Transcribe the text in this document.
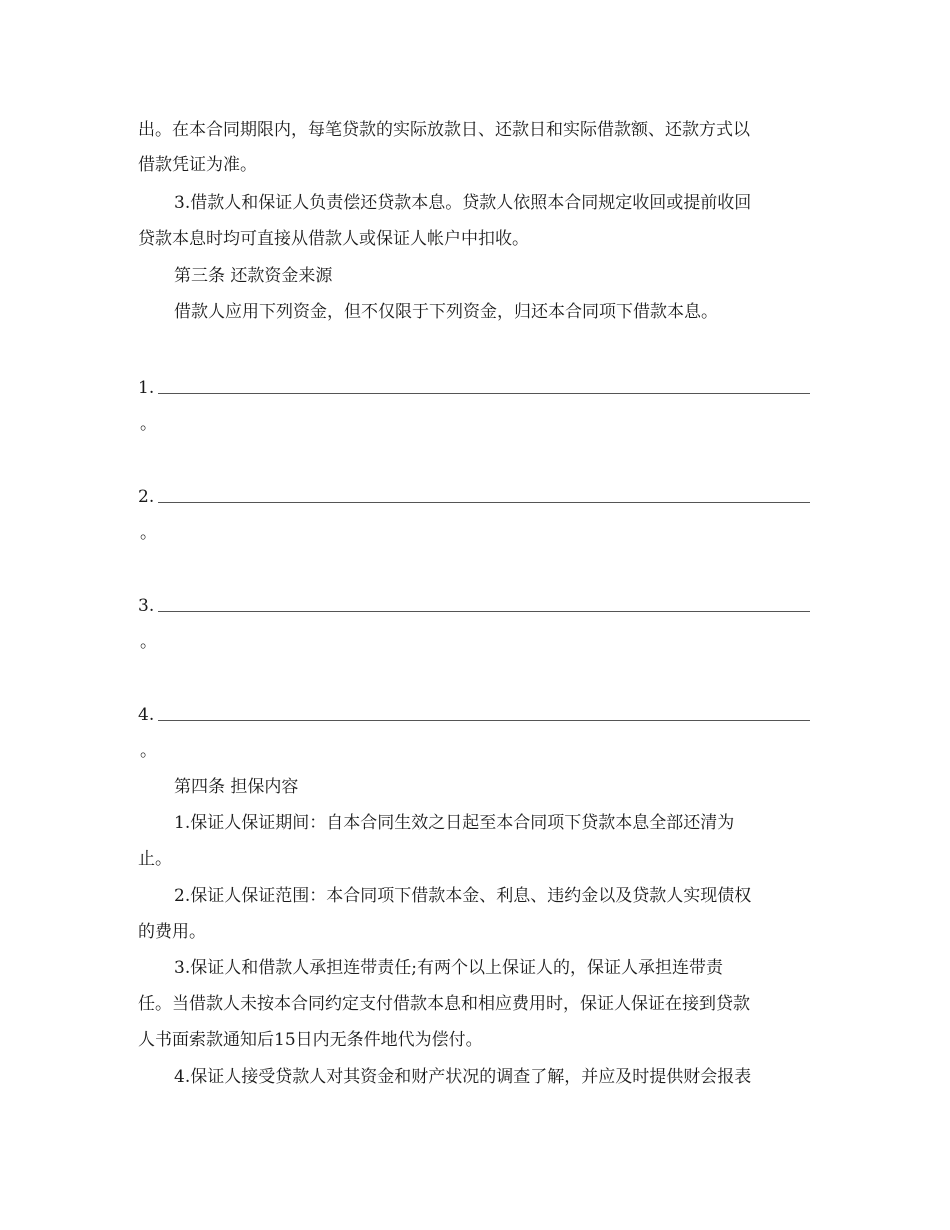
出。在本合同期限内，每笔贷款的实际放款日、还款日和实际借款额、还款方式以
借款凭证为准。
3.借款人和保证人负责偿还贷款本息。贷款人依照本合同规定收回或提前收回
贷款本息时均可直接从借款人或保证人帐户中扣收。
第三条 还款资金来源
借款人应用下列资金，但不仅限于下列资金，归还本合同项下借款本息。
1.
。
2.
。
3.
。
4.
。
第四条 担保内容
1.保证人保证期间：自本合同生效之日起至本合同项下贷款本息全部还清为
止。
2.保证人保证范围：本合同项下借款本金、利息、违约金以及贷款人实现债权
的费用。
3.保证人和借款人承担连带责任;有两个以上保证人的，保证人承担连带责
任。当借款人未按本合同约定支付借款本息和相应费用时，保证人保证在接到贷款
人书面索款通知后15日内无条件地代为偿付。
4.保证人接受贷款人对其资金和财产状况的调查了解，并应及时提供财会报表
